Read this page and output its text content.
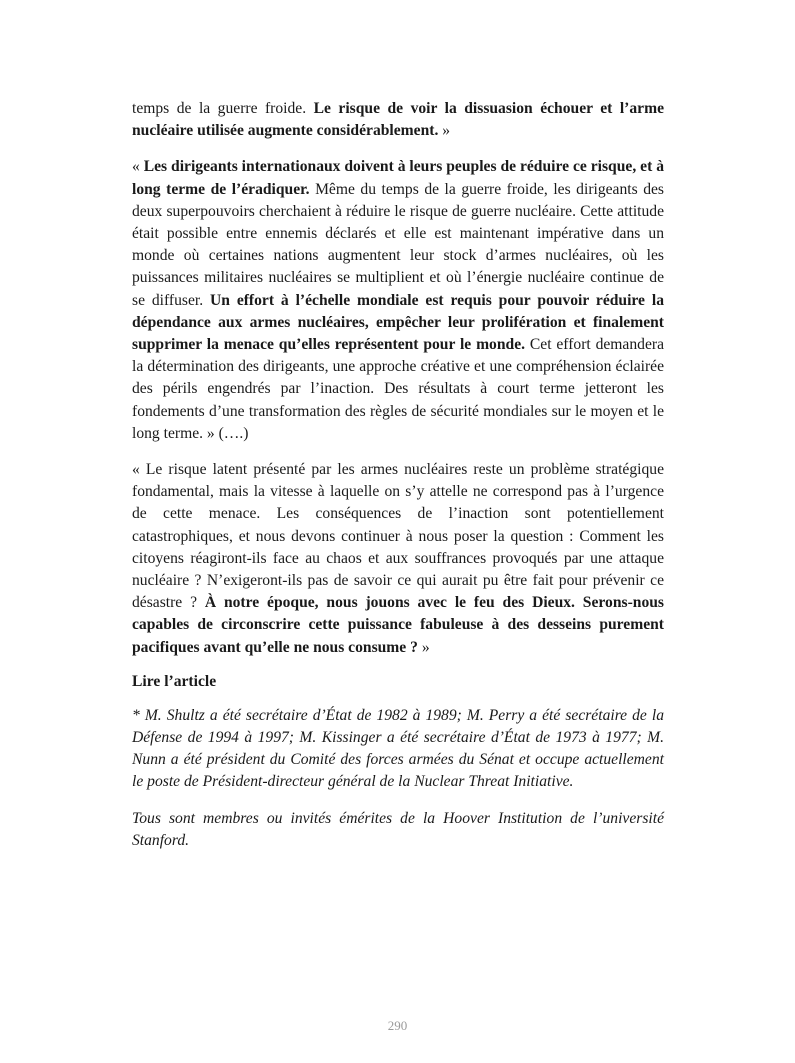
temps de la guerre froide. Le risque de voir la dissuasion échouer et l’arme nucléaire utilisée augmente considérablement. »

« Les dirigeants internationaux doivent à leurs peuples de réduire ce risque, et à long terme de l’éradiquer. Même du temps de la guerre froide, les dirigeants des deux superpouvoirs cherchaient à réduire le risque de guerre nucléaire. Cette attitude était possible entre ennemis déclarés et elle est maintenant impérative dans un monde où certaines nations augmentent leur stock d’armes nucléaires, où les puissances militaires nucléaires se multiplient et où l’énergie nucléaire continue de se diffuser. Un effort à l’échelle mondiale est requis pour pouvoir réduire la dépendance aux armes nucléaires, empêcher leur prolifération et finalement supprimer la menace qu’elles représentent pour le monde. Cet effort demandera la détermination des dirigeants, une approche créative et une compréhension éclairée des périls engendrés par l’inaction. Des résultats à court terme jetteront les fondements d’une transformation des règles de sécurité mondiales sur le moyen et le long terme. » (….)

« Le risque latent présenté par les armes nucléaires reste un problème stratégique fondamental, mais la vitesse à laquelle on s’y attelle ne correspond pas à l’urgence de cette menace. Les conséquences de l’inaction sont potentiellement catastrophiques, et nous devons continuer à nous poser la question : Comment les citoyens réagiront-ils face au chaos et aux souffrances provoqués par une attaque nucléaire ? N’exigeront-ils pas de savoir ce qui aurait pu être fait pour prévenir ce désastre ? À notre époque, nous jouons avec le feu des Dieux. Serons-nous capables de circonscrire cette puissance fabuleuse à des desseins purement pacifiques avant qu’elle ne nous consume ? »

Lire l’article

* M. Shultz a été secrétaire d’État de 1982 à 1989; M. Perry a été secrétaire de la Défense de 1994 à 1997; M. Kissinger a été secrétaire d’État de 1973 à 1977; M. Nunn a été président du Comité des forces armées du Sénat et occupe actuellement le poste de Président-directeur général de la Nuclear Threat Initiative.

Tous sont membres ou invités émérites de la Hoover Institution de l’université Stanford.

290
